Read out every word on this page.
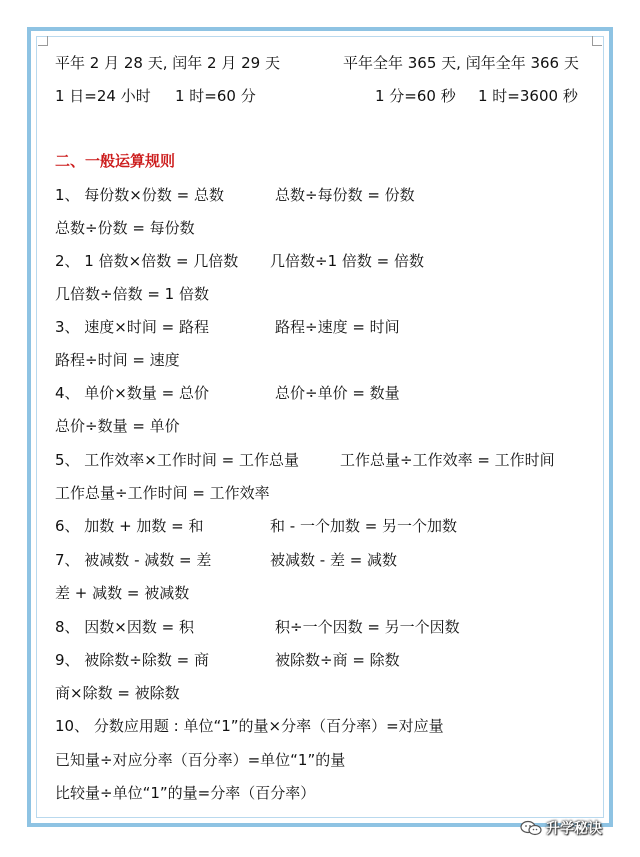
平年 2 月 28 天, 闰年 2 月 29 天	平年全年 365 天, 闰年全年 366 天
1 日=24 小时 1 时=60 分	1 分=60 秒 1 时=3600 秒
二、一般运算规则
1、 每份数×份数 = 总数	总数÷每份数 = 份数
总数÷份数 = 每份数
2、 1 倍数×倍数 = 几倍数 几倍数÷1 倍数 = 倍数
几倍数÷倍数 = 1 倍数
3、 速度×时间 = 路程	路程÷速度 = 时间
路程÷时间 = 速度
4、 单价×数量 = 总价	总价÷单价 = 数量
总价÷数量 = 单价
5、 工作效率×工作时间 = 工作总量	工作总量÷工作效率 = 工作时间
工作总量÷工作时间 = 工作效率
6、 加数 + 加数 = 和	和 - 一个加数 = 另一个加数
7、 被减数 - 减数 = 差	被减数 - 差 = 减数
差 + 减数 = 被减数
8、 因数×因数 = 积	积÷一个因数 = 另一个因数
9、 被除数÷除数 = 商	被除数÷商 = 除数
商×除数 = 被除数
10、 分数应用题 : 单位“1”的量×分率（百分率）=对应量
已知量÷对应分率（百分率）=单位“1”的量
比较量÷单位“1”的量=分率（百分率）
升学秘诀
